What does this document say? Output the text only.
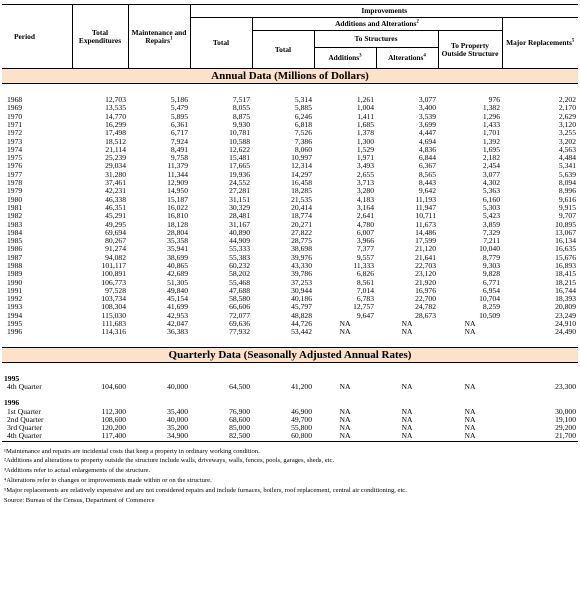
Period	Total Expenditures	Maintenance and Repairs$^1$	Improvements					
			Total	Additions and Alterations$^2$				Major Replacements$^5$
				Total	To Structures		To Property Outside Structure	
					Additions$^3$	Alterations$^4$
Annual Data (Millions of Dollars)								

1968	12,703	5,186	7,517	5,314	1,261	3,077	976	2,202
1969	13,535	5,479	8,055	5,885	1,004	3,400	1,382	2,170
1970	14,770	5,895	8,875	6,246	1,411	3,539	1,296	2,629
1971	16,299	6,361	9,930	6,818	1,685	3,699	1,433	3,120
1972	17,498	6,717	10,781	7,526	1,378	4,447	1,701	3,255
1973	18,512	7,924	10,588	7,386	1,300	4,694	1,392	3,202
1974	21,114	8,491	12,622	8,060	1,529	4,836	1,695	4,563
1975	25,239	9,758	15,481	10,997	1,971	6,844	2,182	4,484
1976	29,034	11,379	17,665	12,314	3,493	6,367	2,454	5,341
1977	31,280	11,344	19,936	14,297	2,655	8,565	3,077	5,639
1978	37,461	12,909	24,552	16,458	3,713	8,443	4,302	8,094
1979	42,231	14,950	27,281	18,285	3,280	9,642	5,363	8,996
1980	46,338	15,187	31,151	21,535	4,183	11,193	6,160	9,616
1981	46,351	16,022	30,329	20,414	3,164	11,947	5,303	9,915
1982	45,291	16,810	28,481	18,774	2,641	10,711	5,423	9,707
1983	49,295	18,128	31,167	20,271	4,780	11,673	3,859	10,895
1984	69,694	28,804	40,890	27,822	6,007	14,486	7,329	13,067
1985	80,267	35,358	44,909	28,775	3,966	17,599	7,211	16,134
1986	91,274	35,941	55,333	38,698	7,377	21,120	10,040	16,635
1987	94,082	38,699	55,383	39,976	9,557	21,641	8,779	15,676
1988	101,117	40,865	60,232	43,330	11,333	22,703	9,303	16,893
1989	100,891	42,689	58,202	39,786	6,826	23,120	9,828	18,415
1990	106,773	51,305	55,468	37,253	8,561	21,920	6,771	18,215
1991	97,528	49,840	47,688	30,944	7,014	16,976	6,954	16,744
1992	103,734	45,154	58,580	40,186	6,783	22,700	10,704	18,393
1993	108,304	41,699	66,606	45,797	12,757	24,782	8,259	20,809
1994	115,030	42,953	72,077	48,828	9,647	28,673	10,509	23,249
1995	111,683	42,047	69,636	44,726	NA	NA	NA	24,910
1996	114,316	36,383	77,932	53,442	NA	NA	NA	24,490

Quarterly Data (Seasonally Adjusted Annual Rates)								

1995								
4th Quarter	104,600	40,000	64,500	41,200	NA	NA	NA	23,300

1996								
1st Quarter	112,300	35,400	76,900	46,900	NA	NA	NA	30,000
2nd Quarter	108,600	40,000	68,600	49,700	NA	NA	NA	19,100
3rd Quarter	120,200	35,200	85,000	55,800	NA	NA	NA	29,200
4th Quarter	117,400	34,900	82,500	60,800	NA	NA	NA	21,700
¹Maintenance and repairs are incidental costs that keep a property in ordinary working condition.
²Additions and alterations to property outside the structure include walls, driveways, walls, fences, pools, garages, sheds, etc.
³Additions refer to actual enlargements of the structure.
⁴Alterations refer to changes or improvements made within or on the structure.
⁵Major replacements are relatively expensive and are not considered repairs and include furnaces, boilers, roof replacement, central air conditioning, etc.
Source: Bureau of the Census, Department of Commerce
